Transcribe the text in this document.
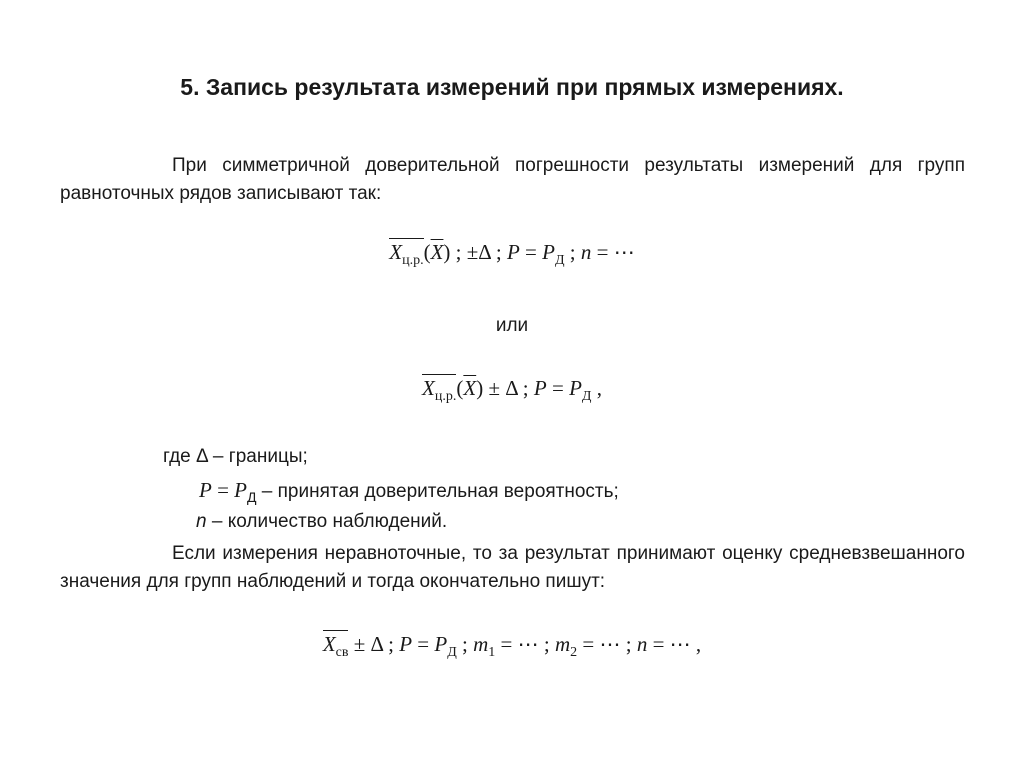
5. Запись результата измерений при прямых измерениях.
При симметричной доверительной погрешности результаты измерений для групп равноточных рядов записывают так:
$X_{ц.р.}(\overline{X})$ ; ±Δ ; $P = P_Д$ ; n = ⋯
или
$X_{ц.р.}(\overline{X}) \pm \Delta$ ; $P = P_Д$ ,
где Δ – границы;
$P = P_Д$ – принятая доверительная вероятность;
n – количество наблюдений.
Если измерения неравноточные, то за результат принимают оценку средневзвешанного значения для групп наблюдений и тогда окончательно пишут:
$X_{св} \pm \Delta$ ; $P = P_Д$ ; $m_1$ = ⋯ ; $m_2$ = ⋯ ; n = ⋯ ,
